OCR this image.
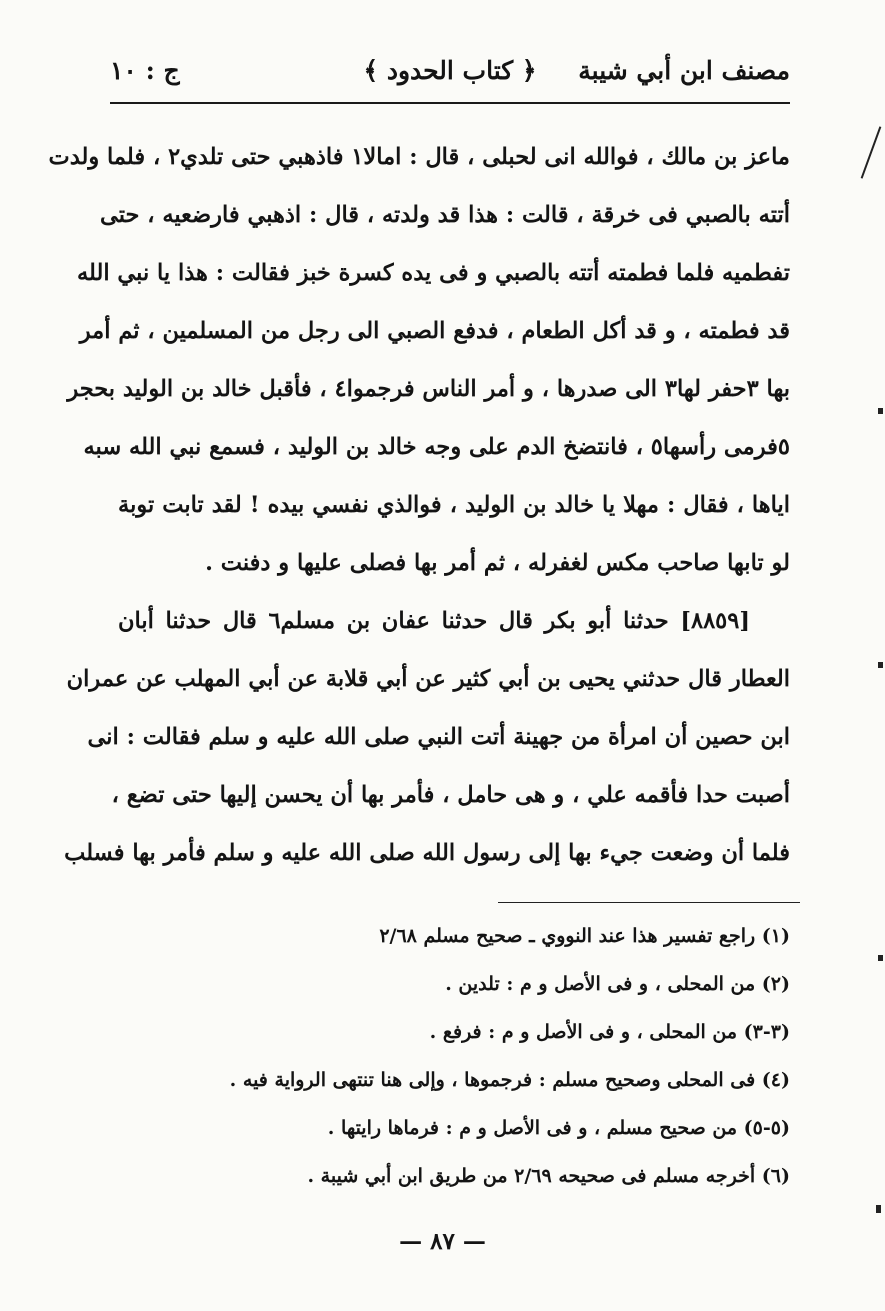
مصنف ابن أبي شيبة
﴿ كتاب الحدود ﴾
ج : ١٠
ماعز بن مالك ، فوالله انى لحبلى ، قال : امالا١ فاذهبي حتى تلدي٢ ، فلما ولدت
أتته بالصبي فى خرقة ، قالت : هذا قد ولدته ، قال : اذهبي فارضعيه ، حتى
تفطميه فلما فطمته أتته بالصبي و فى يده كسرة خبز فقالت : هذا يا نبي الله
قد فطمته ، و قد أكل الطعام ، فدفع الصبي الى رجل من المسلمين ، ثم أمر
بها ٣حفر لها٣ الى صدرها ، و أمر الناس فرجموا٤ ، فأقبل خالد بن الوليد بحجر
٥فرمى رأسها٥ ، فانتضخ الدم على وجه خالد بن الوليد ، فسمع نبي الله سبه
اياها ، فقال : مهلا يا خالد بن الوليد ، فوالذي نفسي بيده ! لقد تابت توبة
لو تابها صاحب مكس لغفرله ، ثم أمر بها فصلى عليها و دفنت .
[٨٨٥٩] حدثنا أبو بكر قال حدثنا عفان بن مسلم٦ قال حدثنا أبان
العطار قال حدثني يحيى بن أبي كثير عن أبي قلابة عن أبي المهلب عن عمران
ابن حصين أن امرأة من جهينة أتت النبي صلى الله عليه و سلم فقالت : انى
أصبت حدا فأقمه علي ، و هى حامل ، فأمر بها أن يحسن إليها حتى تضع ،
فلما أن وضعت جيء بها إلى رسول الله صلى الله عليه و سلم فأمر بها فسلب
(١) راجع تفسير هذا عند النووي ـ صحيح مسلم ٢/٦٨
(٢) من المحلى ، و فى الأصل و م : تلدين .
(٣-٣) من المحلى ، و فى الأصل و م : فرفع .
(٤) فى المحلى وصحيح مسلم : فرجموها ، وإلى هنا تنتهى الرواية فيه .
(٥-٥) من صحيح مسلم ، و فى الأصل و م : فرماها رايتها .
(٦) أخرجه مسلم فى صحيحه ٢/٦٩ من طريق ابن أبي شيبة .
— ٨٧ —
